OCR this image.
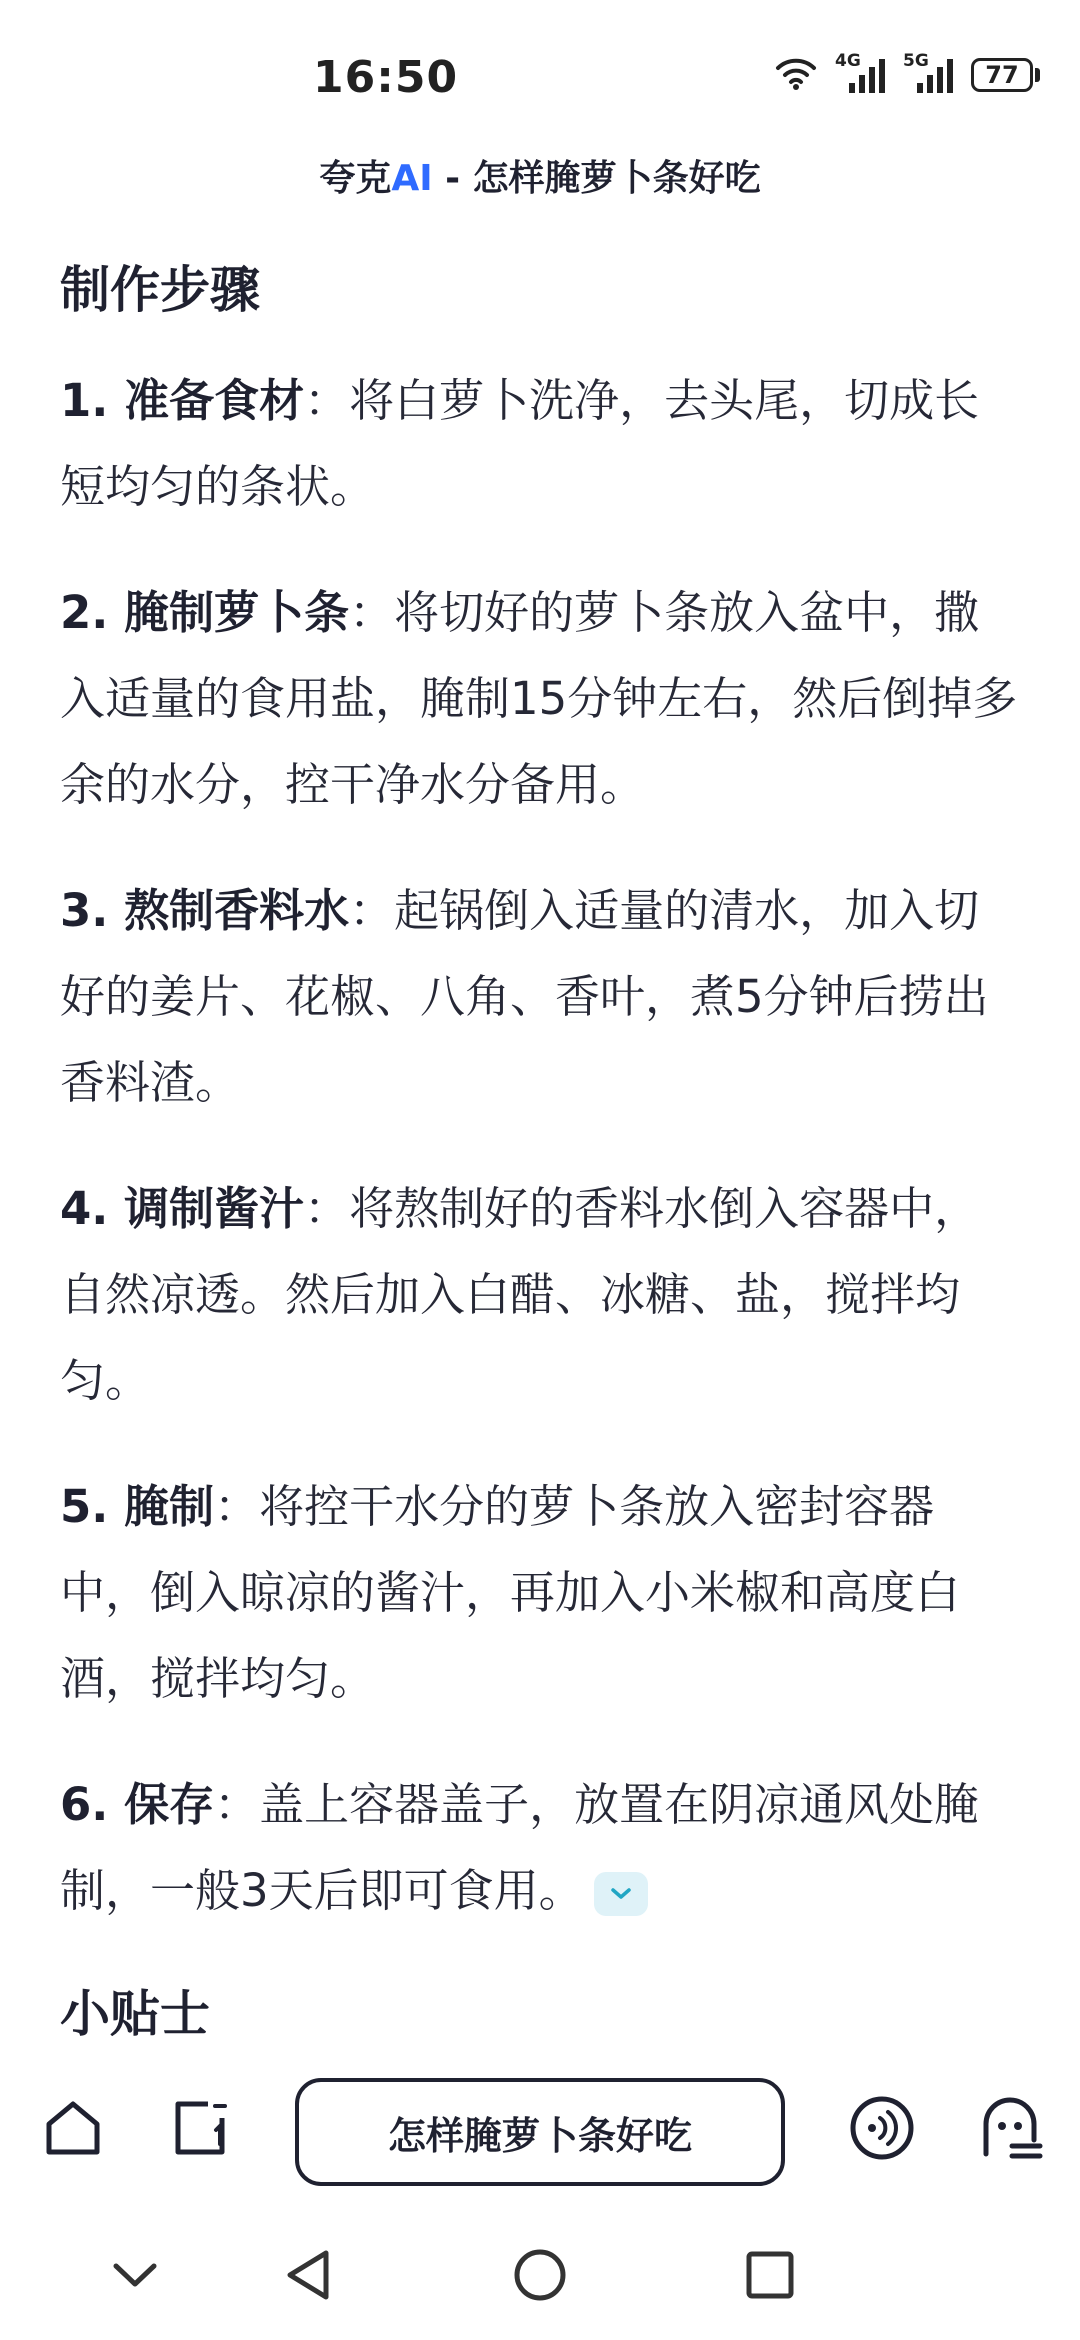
16:50	4G 5G	77
夸克AI - 怎样腌萝卜条好吃
制作步骤
1. 准备食材：将白萝卜洗净，去头尾，切成长短均匀的条状。
2. 腌制萝卜条：将切好的萝卜条放入盆中，撒入适量的食用盐，腌制15分钟左右，然后倒掉多余的水分，控干净水分备用。
3. 熬制香料水：起锅倒入适量的清水，加入切好的姜片、花椒、八角、香叶，煮5分钟后捞出香料渣。
4. 调制酱汁：将熬制好的香料水倒入容器中，自然凉透。然后加入白醋、冰糖、盐，搅拌均匀。
5. 腌制：将控干水分的萝卜条放入密封容器中，倒入晾凉的酱汁，再加入小米椒和高度白酒，搅拌均匀。
6. 保存：盖上容器盖子，放置在阴凉通风处腌制，一般3天后即可食用。
小贴士
怎样腌萝卜条好吃
